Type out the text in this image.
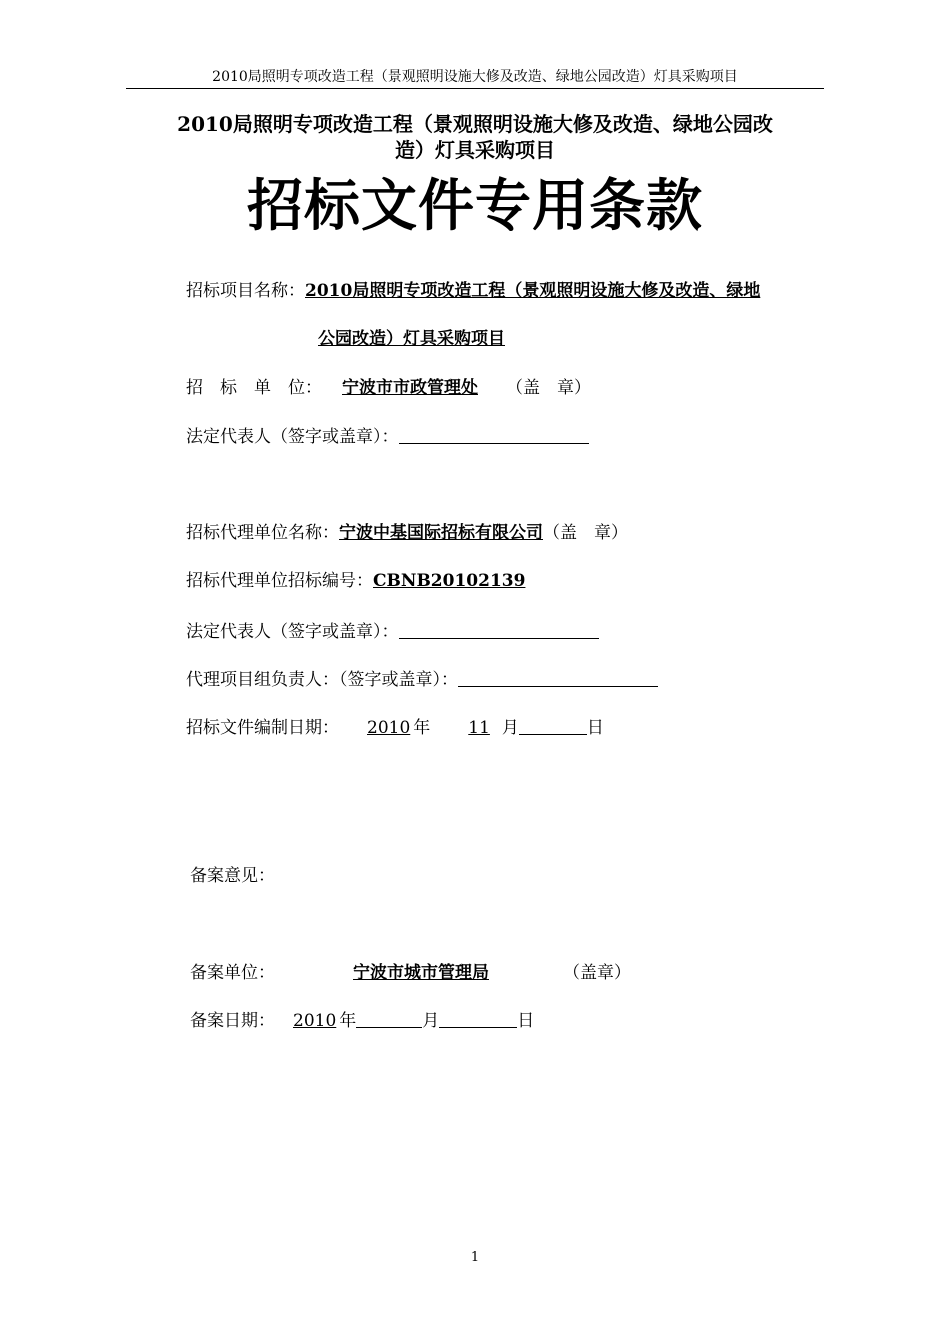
2010局照明专项改造工程（景观照明设施大修及改造、绿地公园改造）灯具采购项目
2010局照明专项改造工程（景观照明设施大修及改造、绿地公园改
造）灯具采购项目
招标文件专用条款
招标项目名称：2010局照明专项改造工程（景观照明设施大修及改造、绿地
公园改造）灯具采购项目
招　标　单　位： 宁波市市政管理处 （盖　章）
法定代表人（签字或盖章）：
招标代理单位名称：宁波中基国际招标有限公司（盖　章）
招标代理单位招标编号：CBNB20102139
法定代表人（签字或盖章）：
代理项目组负责人：（签字或盖章）：
招标文件编制日期： 2010 年 11 月	日
备案意见：
备案单位：	宁波市城市管理局	（盖章）
备案日期： 2010 年	月	日
1
